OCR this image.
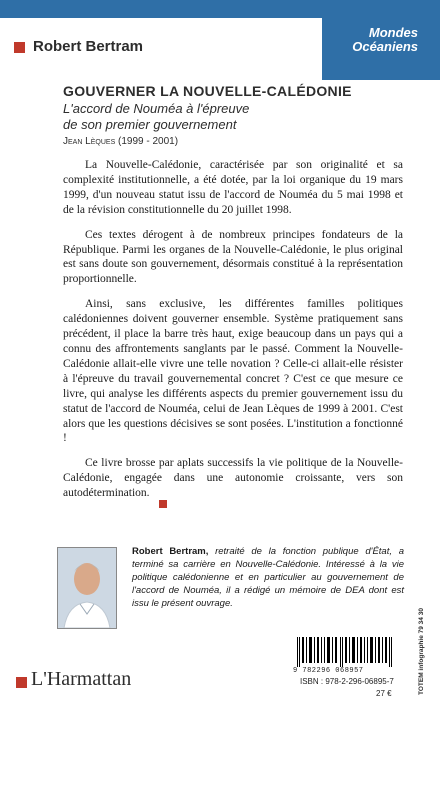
Mondes
Océaniens
Robert Bertram
GOUVERNER LA NOUVELLE-CALÉDONIE
L'accord de Nouméa à l'épreuve
de son premier gouvernement
Jean Lèques (1999 - 2001)

La Nouvelle-Calédonie, caractérisée par son originalité et sa complexité institutionnelle, a été dotée, par la loi organique du 19 mars 1999, d'un nouveau statut issu de l'accord de Nouméa du 5 mai 1998 et de la révision constitutionnelle du 20 juillet 1998.

Ces textes dérogent à de nombreux principes fondateurs de la République. Parmi les organes de la Nouvelle-Calédonie, le plus original est sans doute son gouvernement, désormais constitué à la représentation proportionnelle.

Ainsi, sans exclusive, les différentes familles politiques calédoniennes doivent gouverner ensemble. Système pratiquement sans précédent, il place la barre très haut, exige beaucoup dans un pays qui a connu des affrontements sanglants par le passé. Comment la Nouvelle-Calédonie allait-elle vivre une telle novation ? Celle-ci allait-elle résister à l'épreuve du travail gouvernemental concret ? C'est ce que mesure ce livre, qui analyse les différents aspects du premier gouvernement issu du statut de l'accord de Nouméa, celui de Jean Lèques de 1999 à 2001. C'est alors que les questions décisives se sont posées. L'institution a fonctionné !

Ce livre brosse par aplats successifs la vie politique de la Nouvelle-Calédonie, engagée dans une autonomie croissante, vers son autodétermination.

Robert Bertram, retraité de la fonction publique d'État, a terminé sa carrière en Nouvelle-Calédonie. Intéressé à la vie politique calédonienne et en particulier au gouvernement de l'accord de Nouméa, il a rédigé un mémoire de DEA dont est issu le présent ouvrage.
TOTEM infographie 79 34 30
L'Harmattan	9 782296 068957
ISBN : 978-2-296-06895-7
27 €
